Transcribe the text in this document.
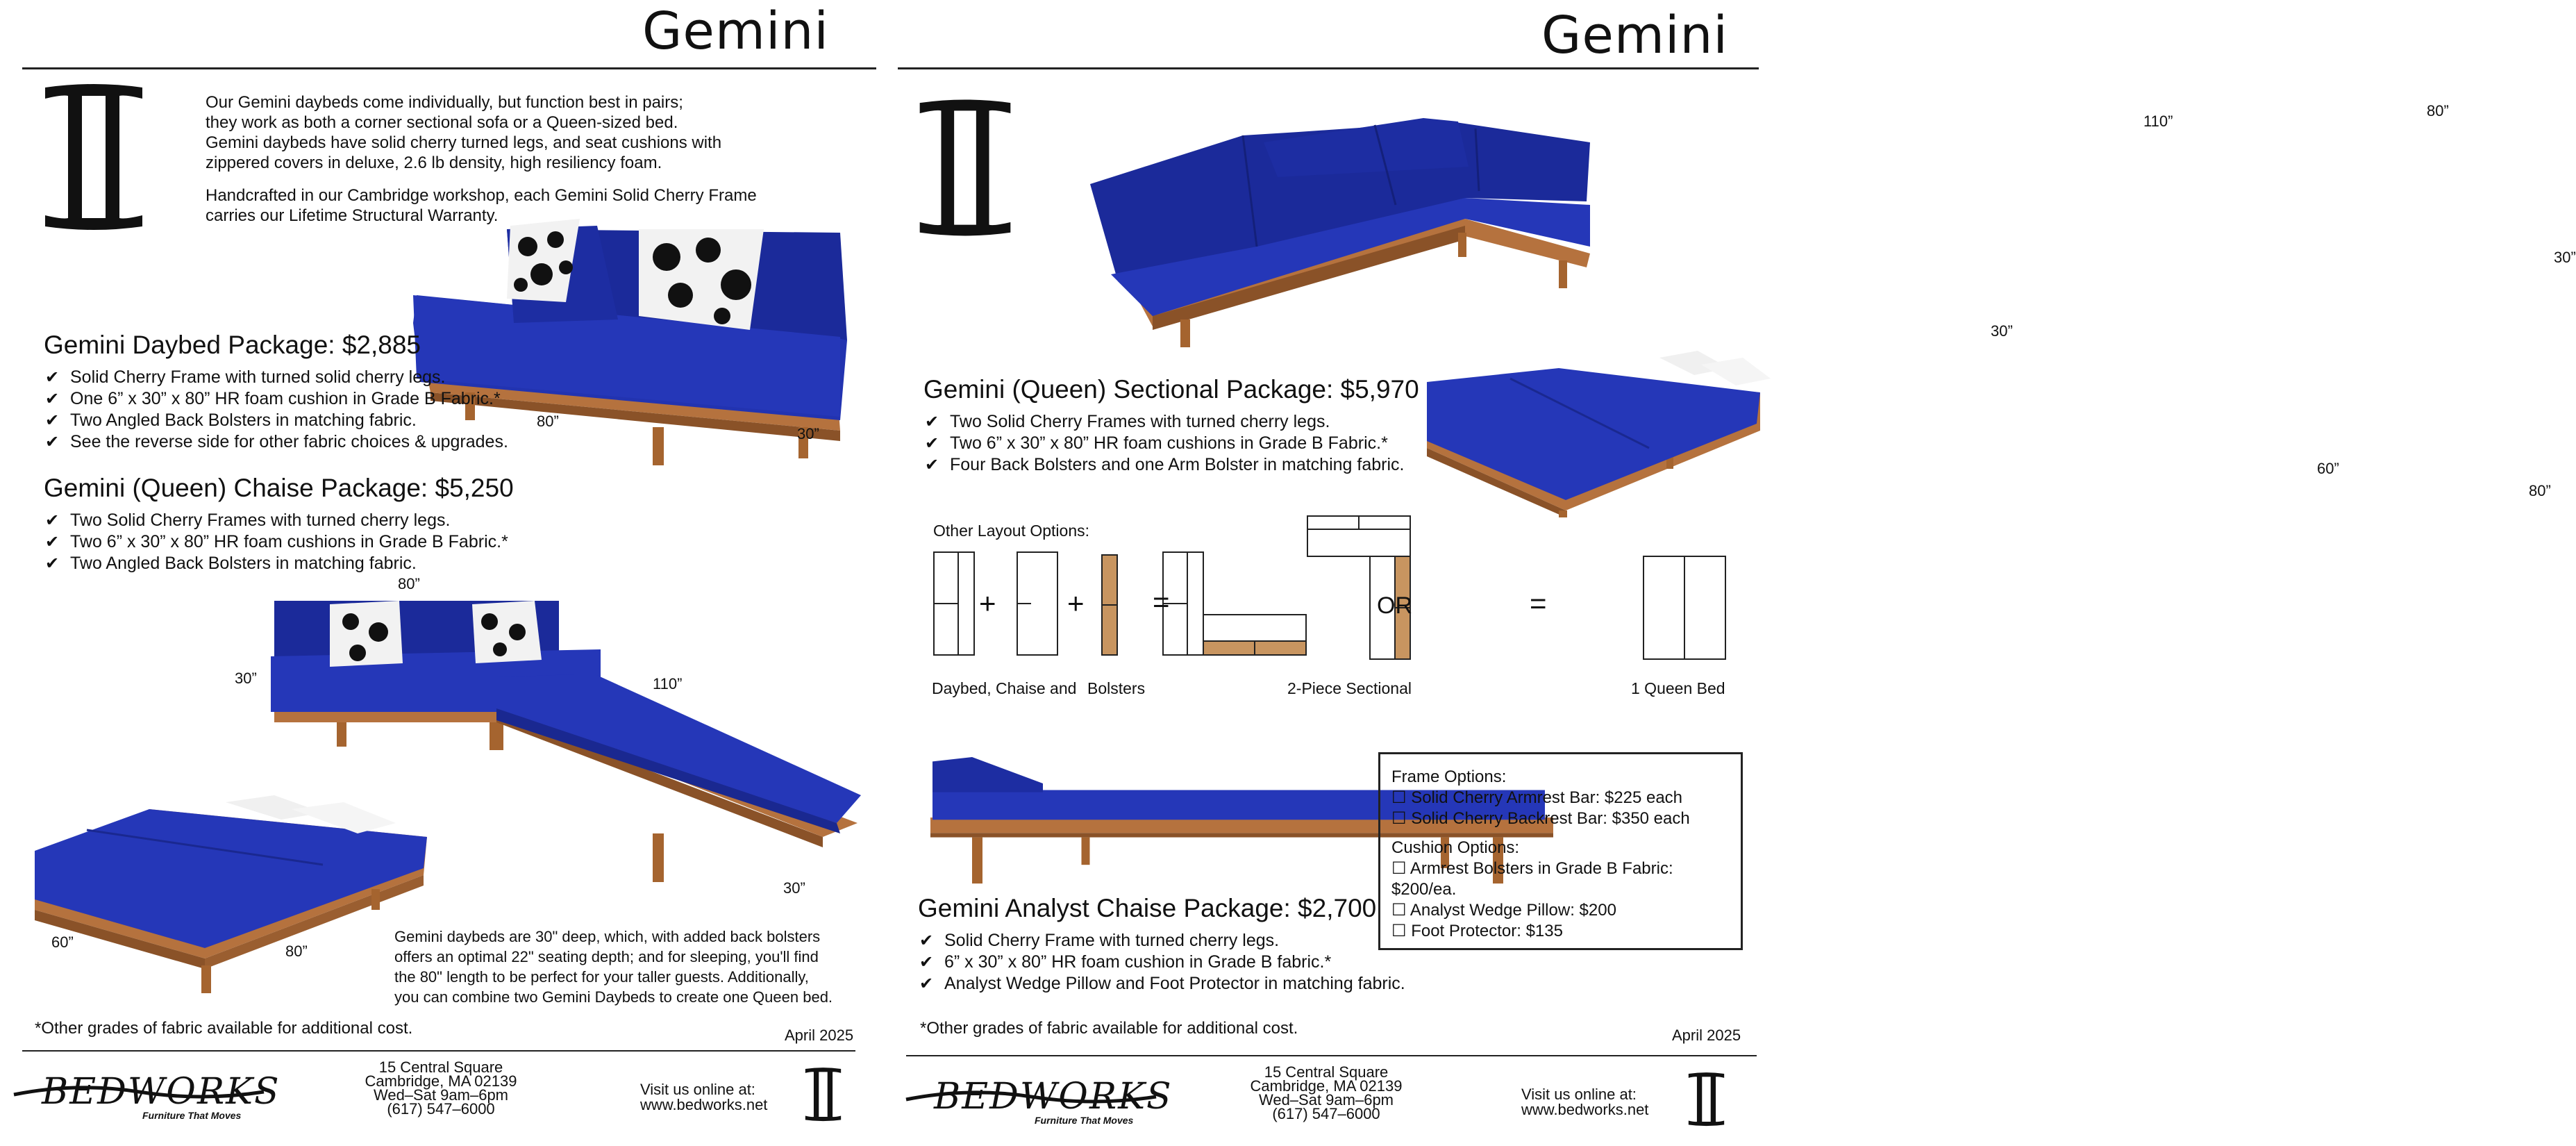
Gemini
Our Gemini daybeds come individually, but function best in pairs;
they work as both a corner sectional sofa or a Queen-sized bed.
Gemini daybeds have solid cherry turned legs, and seat cushions with
zippered covers in deluxe, 2.6 lb density, high resiliency foam.
Handcrafted in our Cambridge workshop, each Gemini Solid Cherry Frame
carries our Lifetime Structural Warranty.
80”
30”
Gemini Daybed Package: $2,885
✔ Solid Cherry Frame with turned solid cherry legs.
✔ One 6” x 30” x 80” HR foam cushion in Grade B Fabric.*
✔ Two Angled Back Bolsters in matching fabric.
✔ See the reverse side for other fabric choices & upgrades.
Gemini (Queen) Chaise Package: $5,250
✔ Two Solid Cherry Frames with turned cherry legs.
✔ Two 6” x 30” x 80” HR foam cushions in Grade B Fabric.*
✔ Two Angled Back Bolsters in matching fabric.
80”
30”	110”
30”
60”
80”
Gemini daybeds are 30" deep, which, with added back bolsters
offers an optimal 22" seating depth; and for sleeping, you'll find
the 80" length to be perfect for your taller guests. Additionally,
you can combine two Gemini Daybeds to create one Queen bed.
*Other grades of fabric available for additional cost.	April 2025
BEDWORKS
Furniture That Moves
15 Central Square
Cambridge, MA 02139
Wed–Sat 9am–6pm
(617) 547–6000
Visit us online at:
www.bedworks.net
Gemini
110”
80”
30”
30”
60”
80”
Gemini (Queen) Sectional Package: $5,970
✔ Two Solid Cherry Frames with turned cherry legs.
✔ Two 6” x 30” x 80” HR foam cushions in Grade B Fabric.*
✔ Four Back Bolsters and one Arm Bolster in matching fabric.
Other Layout Options:
+ + =	OR	=
Daybed, Chaise and Bolsters	2-Piece Sectional	1 Queen Bed
Frame Options:
☐ Solid Cherry Armrest Bar: $225 each
☐ Solid Cherry Backrest Bar: $350 each
Cushion Options:
☐ Armrest Bolsters in Grade B Fabric: $200/ea.
☐ Analyst Wedge Pillow: $200
☐ Foot Protector: $135
Gemini Analyst Chaise Package: $2,700
✔ Solid Cherry Frame with turned cherry legs.
✔ 6” x 30” x 80” HR foam cushion in Grade B fabric.*
✔ Analyst Wedge Pillow and Foot Protector in matching fabric.
*Other grades of fabric available for additional cost.	April 2025
BEDWORKS
Furniture That Moves
15 Central Square
Cambridge, MA 02139
Wed–Sat 9am–6pm
(617) 547–6000
Visit us online at:
www.bedworks.net
